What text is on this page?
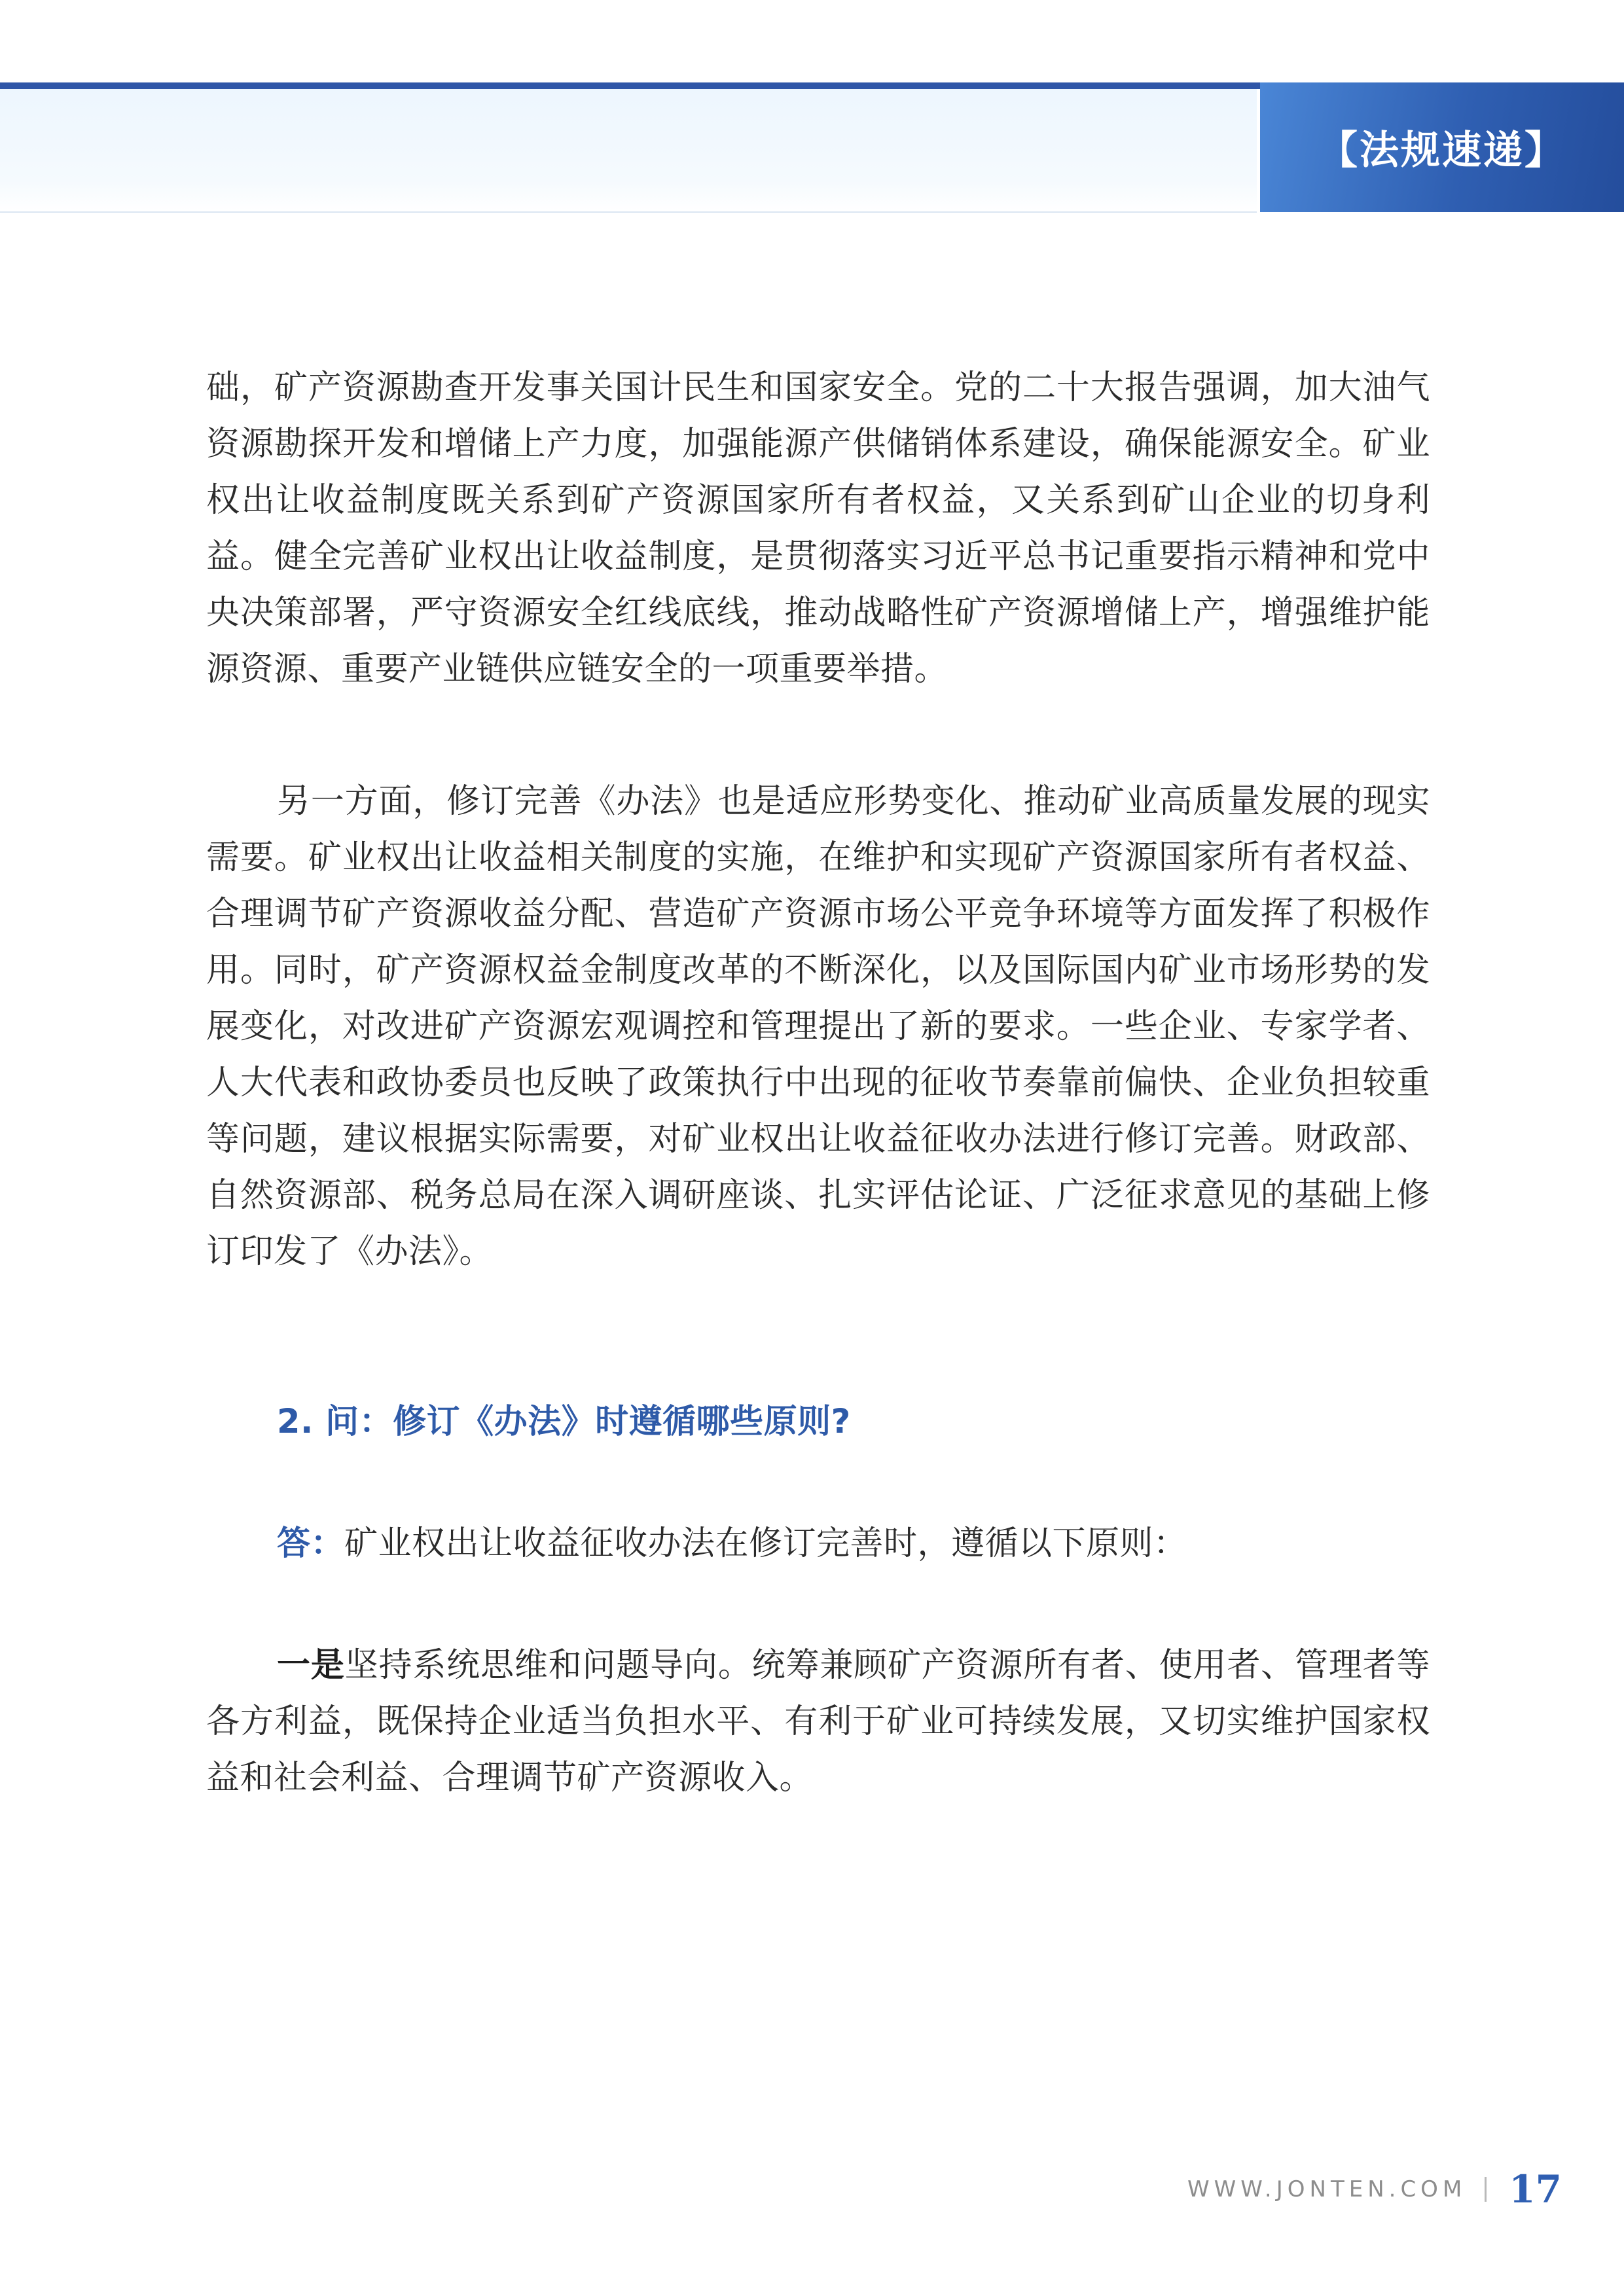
【法规速递】

础，矿产资源勘查开发事关国计民生和国家安全。党的二十大报告强调，加大油气资源勘探开发和增储上产力度，加强能源产供储销体系建设，确保能源安全。矿业权出让收益制度既关系到矿产资源国家所有者权益，又关系到矿山企业的切身利益。健全完善矿业权出让收益制度，是贯彻落实习近平总书记重要指示精神和党中央决策部署，严守资源安全红线底线，推动战略性矿产资源增储上产，增强维护能源资源、重要产业链供应链安全的一项重要举措。

另一方面，修订完善《办法》也是适应形势变化、推动矿业高质量发展的现实需要。矿业权出让收益相关制度的实施，在维护和实现矿产资源国家所有者权益、合理调节矿产资源收益分配、营造矿产资源市场公平竞争环境等方面发挥了积极作用。同时，矿产资源权益金制度改革的不断深化，以及国际国内矿业市场形势的发展变化，对改进矿产资源宏观调控和管理提出了新的要求。一些企业、专家学者、人大代表和政协委员也反映了政策执行中出现的征收节奏靠前偏快、企业负担较重等问题，建议根据实际需要，对矿业权出让收益征收办法进行修订完善。财政部、自然资源部、税务总局在深入调研座谈、扎实评估论证、广泛征求意见的基础上修订印发了《办法》。

2. 问：修订《办法》时遵循哪些原则?

答：矿业权出让收益征收办法在修订完善时，遵循以下原则：

一是坚持系统思维和问题导向。统筹兼顾矿产资源所有者、使用者、管理者等各方利益，既保持企业适当负担水平、有利于矿业可持续发展，又切实维护国家权益和社会利益、合理调节矿产资源收入。

WWW.JONTEN.COM 17
